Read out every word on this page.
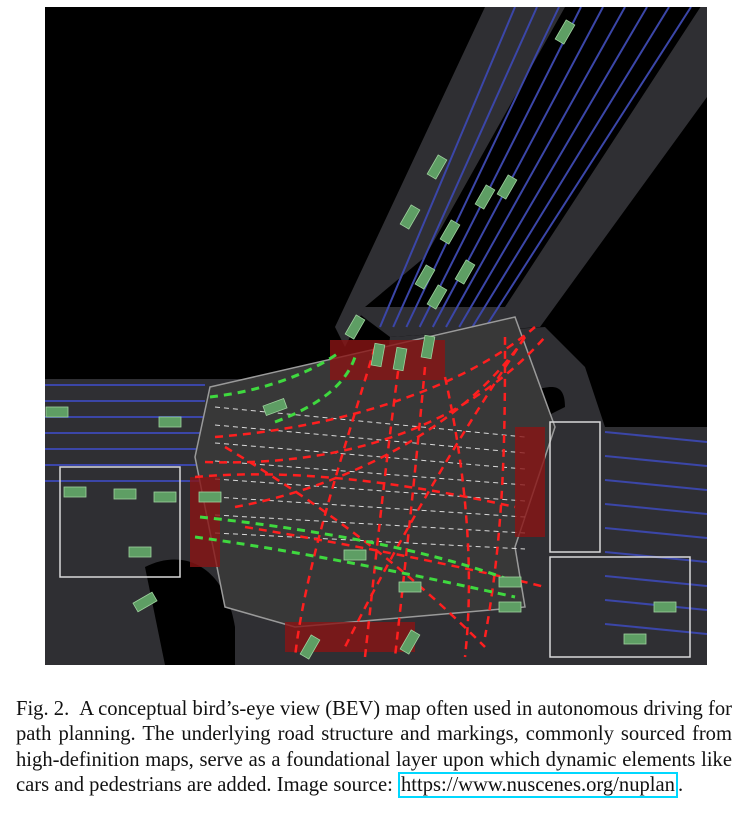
Fig. 2. A conceptual bird’s-eye view (BEV) map often used in autonomous driving for path planning. The underlying road structure and markings, commonly sourced from high-definition maps, serve as a foundational layer upon which dynamic elements like cars and pedestrians are added. Image source: https://www.nuscenes.org/nuplan .
